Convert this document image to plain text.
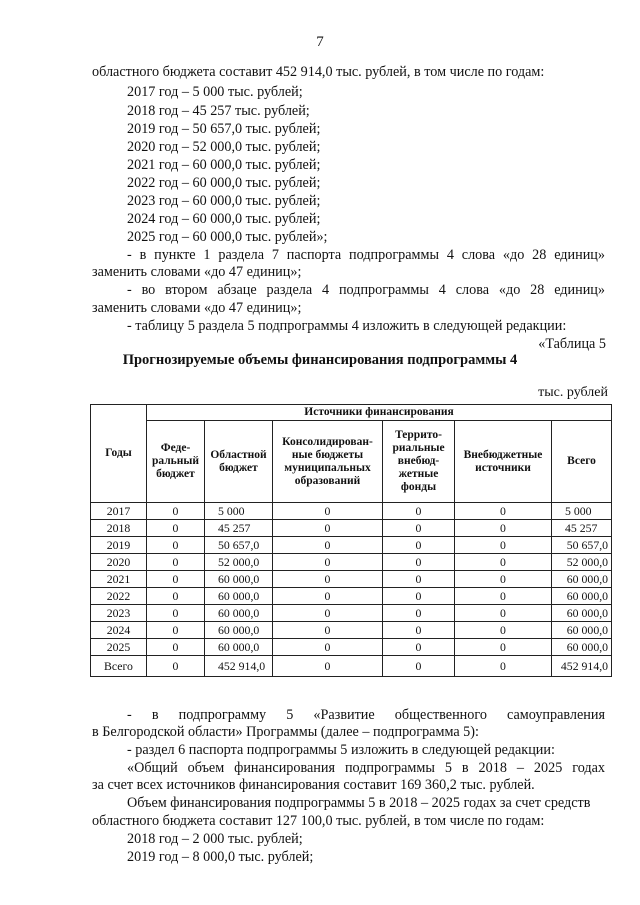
7
областного бюджета составит 452 914,0 тыс. рублей, в том числе по годам:
2017 год – 5 000 тыс. рублей;
2018 год – 45 257 тыс. рублей;
2019 год – 50 657,0 тыс. рублей;
2020 год – 52 000,0 тыс. рублей;
2021 год – 60 000,0 тыс. рублей;
2022 год – 60 000,0 тыс. рублей;
2023 год – 60 000,0 тыс. рублей;
2024 год – 60 000,0 тыс. рублей;
2025 год – 60 000,0 тыс. рублей»;
- в пункте 1 раздела 7 паспорта подпрограммы 4 слова «до 28 единиц»
заменить словами «до 47 единиц»;
- во втором абзаце раздела 4 подпрограммы 4 слова «до 28 единиц»
заменить словами «до 47 единиц»;
- таблицу 5 раздела 5 подпрограммы 4 изложить в следующей редакции:
«Таблица 5
Прогнозируемые объемы финансирования подпрограммы 4
тыс. рублей
Годы	Источники финансирования					
	Феде-
ральный
бюджет	Областной
бюджет	Консолидирован-
ные бюджеты
муниципальных
образований	Террито-
риальные
внебюд-
жетные
фонды	Внебюджетные
источники	Всего
2017	0	5 000	0	0	0	5 000
2018	0	45 257	0	0	0	45 257
2019	0	50 657,0	0	0	0	50 657,0
2020	0	52 000,0	0	0	0	52 000,0
2021	0	60 000,0	0	0	0	60 000,0
2022	0	60 000,0	0	0	0	60 000,0
2023	0	60 000,0	0	0	0	60 000,0
2024	0	60 000,0	0	0	0	60 000,0
2025	0	60 000,0	0	0	0	60 000,0
Всего	0	452 914,0	0	0	0	452 914,0
- в подпрограмму 5 «Развитие общественного самоуправления
в Белгородской области» Программы (далее – подпрограмма 5):
- раздел 6 паспорта подпрограммы 5 изложить в следующей редакции:
«Общий объем финансирования подпрограммы 5 в 2018 – 2025 годах
за счет всех источников финансирования составит 169 360,2 тыс. рублей.
Объем финансирования подпрограммы 5 в 2018 – 2025 годах за счет средств
областного бюджета составит 127 100,0 тыс. рублей, в том числе по годам:
2018 год – 2 000 тыс. рублей;
2019 год – 8 000,0 тыс. рублей;
